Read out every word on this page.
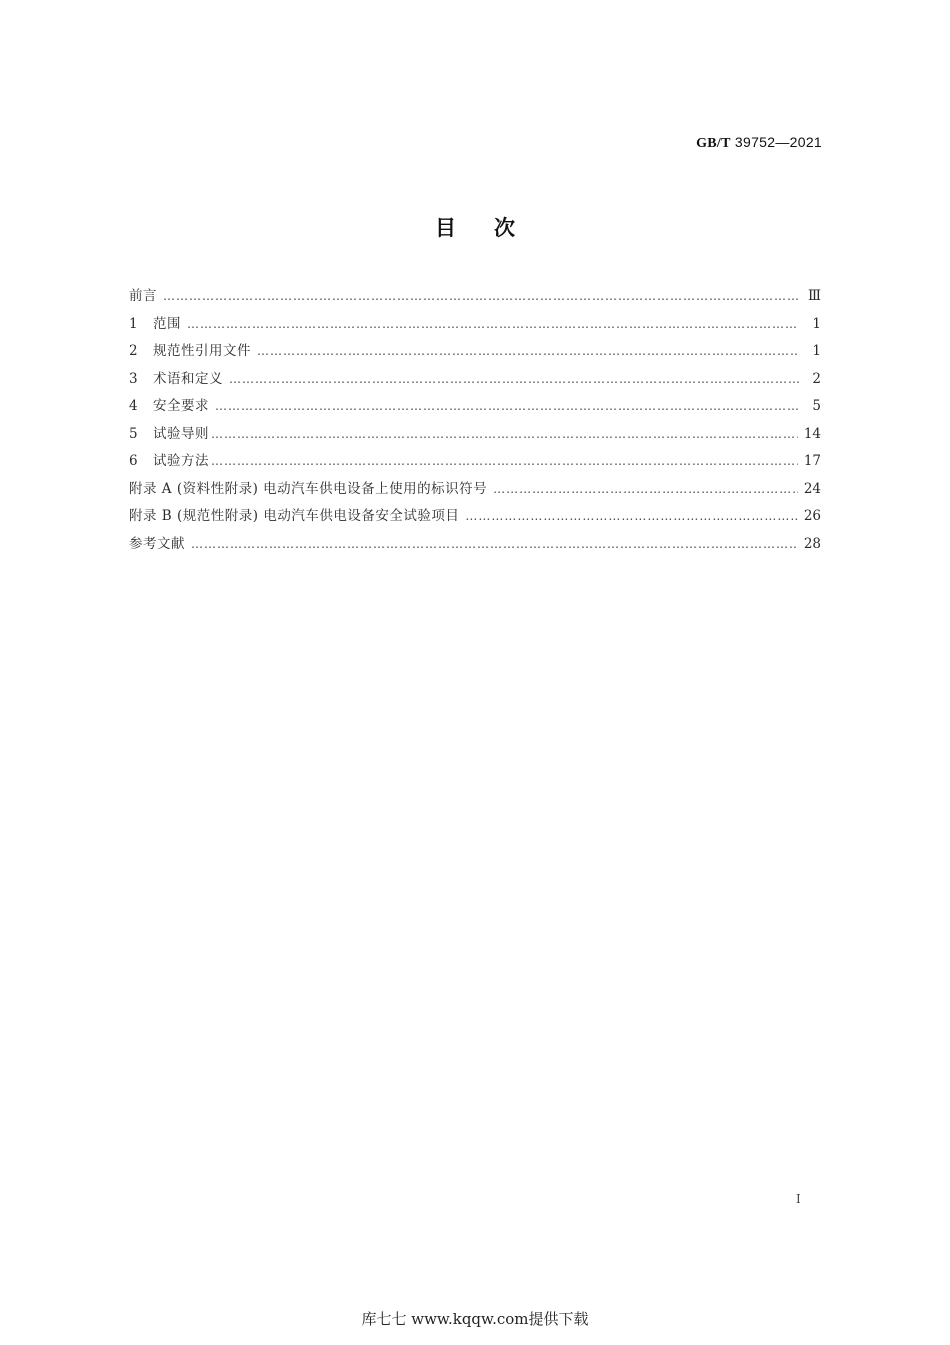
GB/T 39752—2021
目次
前言 ………………………………………………………………………………………………………………………………………………………………………………………………	Ⅲ
1	范围 ………………………………………………………………………………………………………………………………………………………………………………………………	1
2	规范性引用文件 ………………………………………………………………………………………………………………………………………………………………………………………………	1
3	术语和定义 ………………………………………………………………………………………………………………………………………………………………………………………………	2
4	安全要求 ………………………………………………………………………………………………………………………………………………………………………………………………	5
5	试验导则 ………………………………………………………………………………………………………………………………………………………………………………………………	14
6	试验方法 ………………………………………………………………………………………………………………………………………………………………………………………………	17
附录 A (资料性附录) 电动汽车供电设备上使用的标识符号 ………………………………………………………………………………………………………………………………………………………………………………………………	24
附录 B (规范性附录) 电动汽车供电设备安全试验项目 ………………………………………………………………………………………………………………………………………………………………………………………………	26
参考文献 ………………………………………………………………………………………………………………………………………………………………………………………………	28
I
库七七 www.kqqw.com提供下载
